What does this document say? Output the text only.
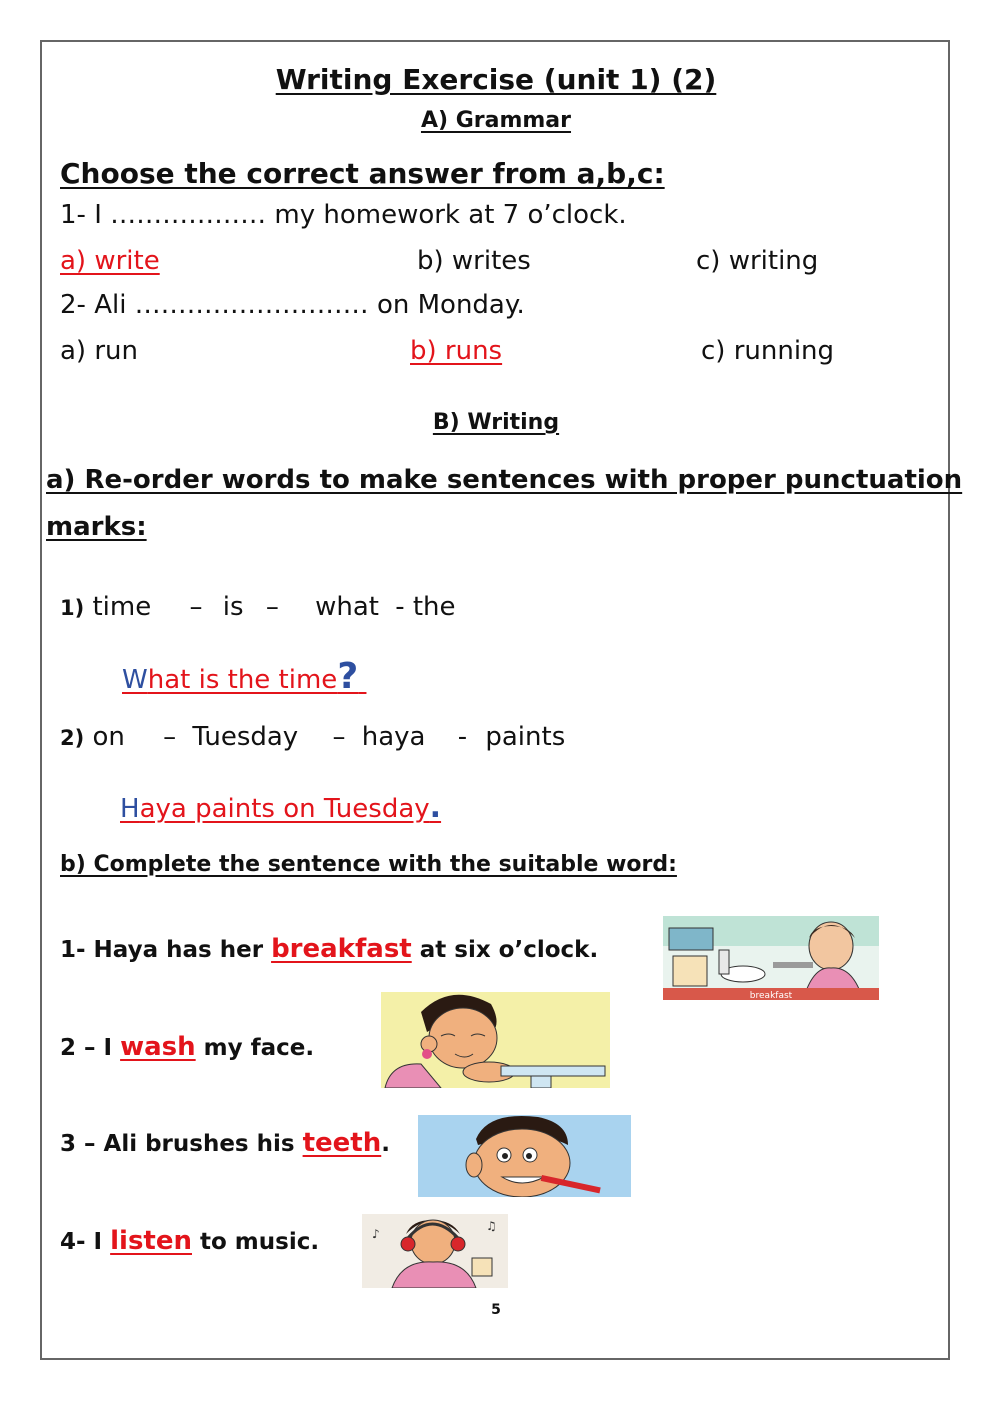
Writing Exercise (unit 1) (2)
A) Grammar
Choose the correct answer from a,b,c:
1- I ……………… my homework at 7 o’clock.
a) write	b) writes	c) writing
2- Ali ……………………… on Monday.
a) run	b) runs	c) running
B) Writing
a) Re-order words to make sentences with proper punctuation
marks:
1) time – is – what - the
What is the time?
2) on – Tuesday – haya - paints
Haya paints on Tuesday.
b) Complete the sentence with the suitable word:
1- Haya has her breakfast at six o’clock.
2 – I wash my face.
3 – Ali brushes his teeth.
4- I listen to music.
breakfast
♪
♫
5
